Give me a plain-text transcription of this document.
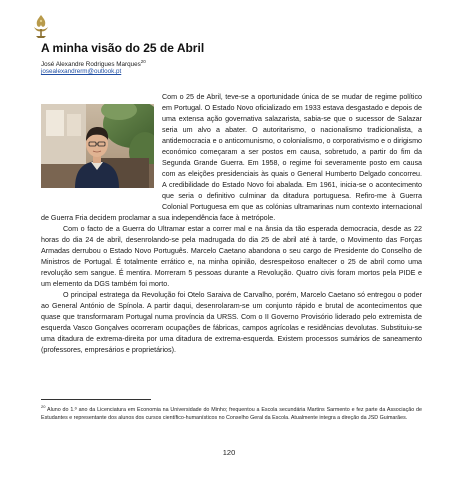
A minha visão do 25 de Abril
José Alexandre Rodrigues Marques$^{20}$
josealexandrerm@outlook.pt

Com o 25 de Abril, teve-se a oportunidade única de se mudar de regime político em Portugal. O Estado Novo oficializado em 1933 estava desgastado e depois de uma extensa ação governativa salazarista, sabia-se que o sucessor de Salazar seria um alvo a abater. O autoritarismo, o nacionalismo tradicionalista, a antidemocracia e o anticomunismo, o colonialismo, o corporativismo e o dirigismo económico começaram a ser postos em causa, sobretudo, a partir do fim da Segunda Grande Guerra. Em 1958, o regime foi severamente posto em causa com as eleições presidenciais às quais o General Humberto Delgado concorreu. A credibilidade do Estado Novo foi abalada. Em 1961, inicia-se o acontecimento que seria o definitivo culminar da ditadura portuguesa. Refiro-me à Guerra Colonial Portuguesa em que as colónias ultramarinas num contexto internacional de Guerra Fria decidem proclamar a sua independência face à metrópole.

Com o facto de a Guerra do Ultramar estar a correr mal e na ânsia da tão esperada democracia, desde as 22 horas do dia 24 de abril, desenrolando-se pela madrugada do dia 25 de abril até à tarde, o Movimento das Forças Armadas derrubou o Estado Novo Português. Marcelo Caetano abandona o seu cargo de Presidente do Conselho de Ministros de Portugal. É totalmente errático e, na minha opinião, desrespeitoso enaltecer o 25 de abril como uma revolução sem sangue. É mentira. Morreram 5 pessoas durante a Revolução. Quatro civis foram mortos pela PIDE e um elemento da DGS também foi morto.

O principal estratega da Revolução foi Otelo Saraiva de Carvalho, porém, Marcelo Caetano só entregou o poder ao General António de Spínola. A partir daqui, desenrolaram-se um conjunto rápido e brutal de acontecimentos que quase que transformaram Portugal numa província da URSS. Com o II Governo Provisório liderado pelo extremista de esquerda Vasco Gonçalves ocorreram ocupações de fábricas, campos agrícolas e residências devolutas. Substituiu-se uma ditadura de extrema-direita por uma ditadura de extrema-esquerda. Existem processos sumários de saneamento (professores, empresários e proprietários).

$^{20}$ Aluno do 1.º ano da Licenciatura em Economia na Universidade do Minho; frequentou a Escola secundária Martins Sarmento e fez parte da Associação de Estudantes e representante dos alunos dos cursos científico-humanísticos no Conselho Geral da Escola. Atualmente integra a direção da JSD Guimarães.
120
